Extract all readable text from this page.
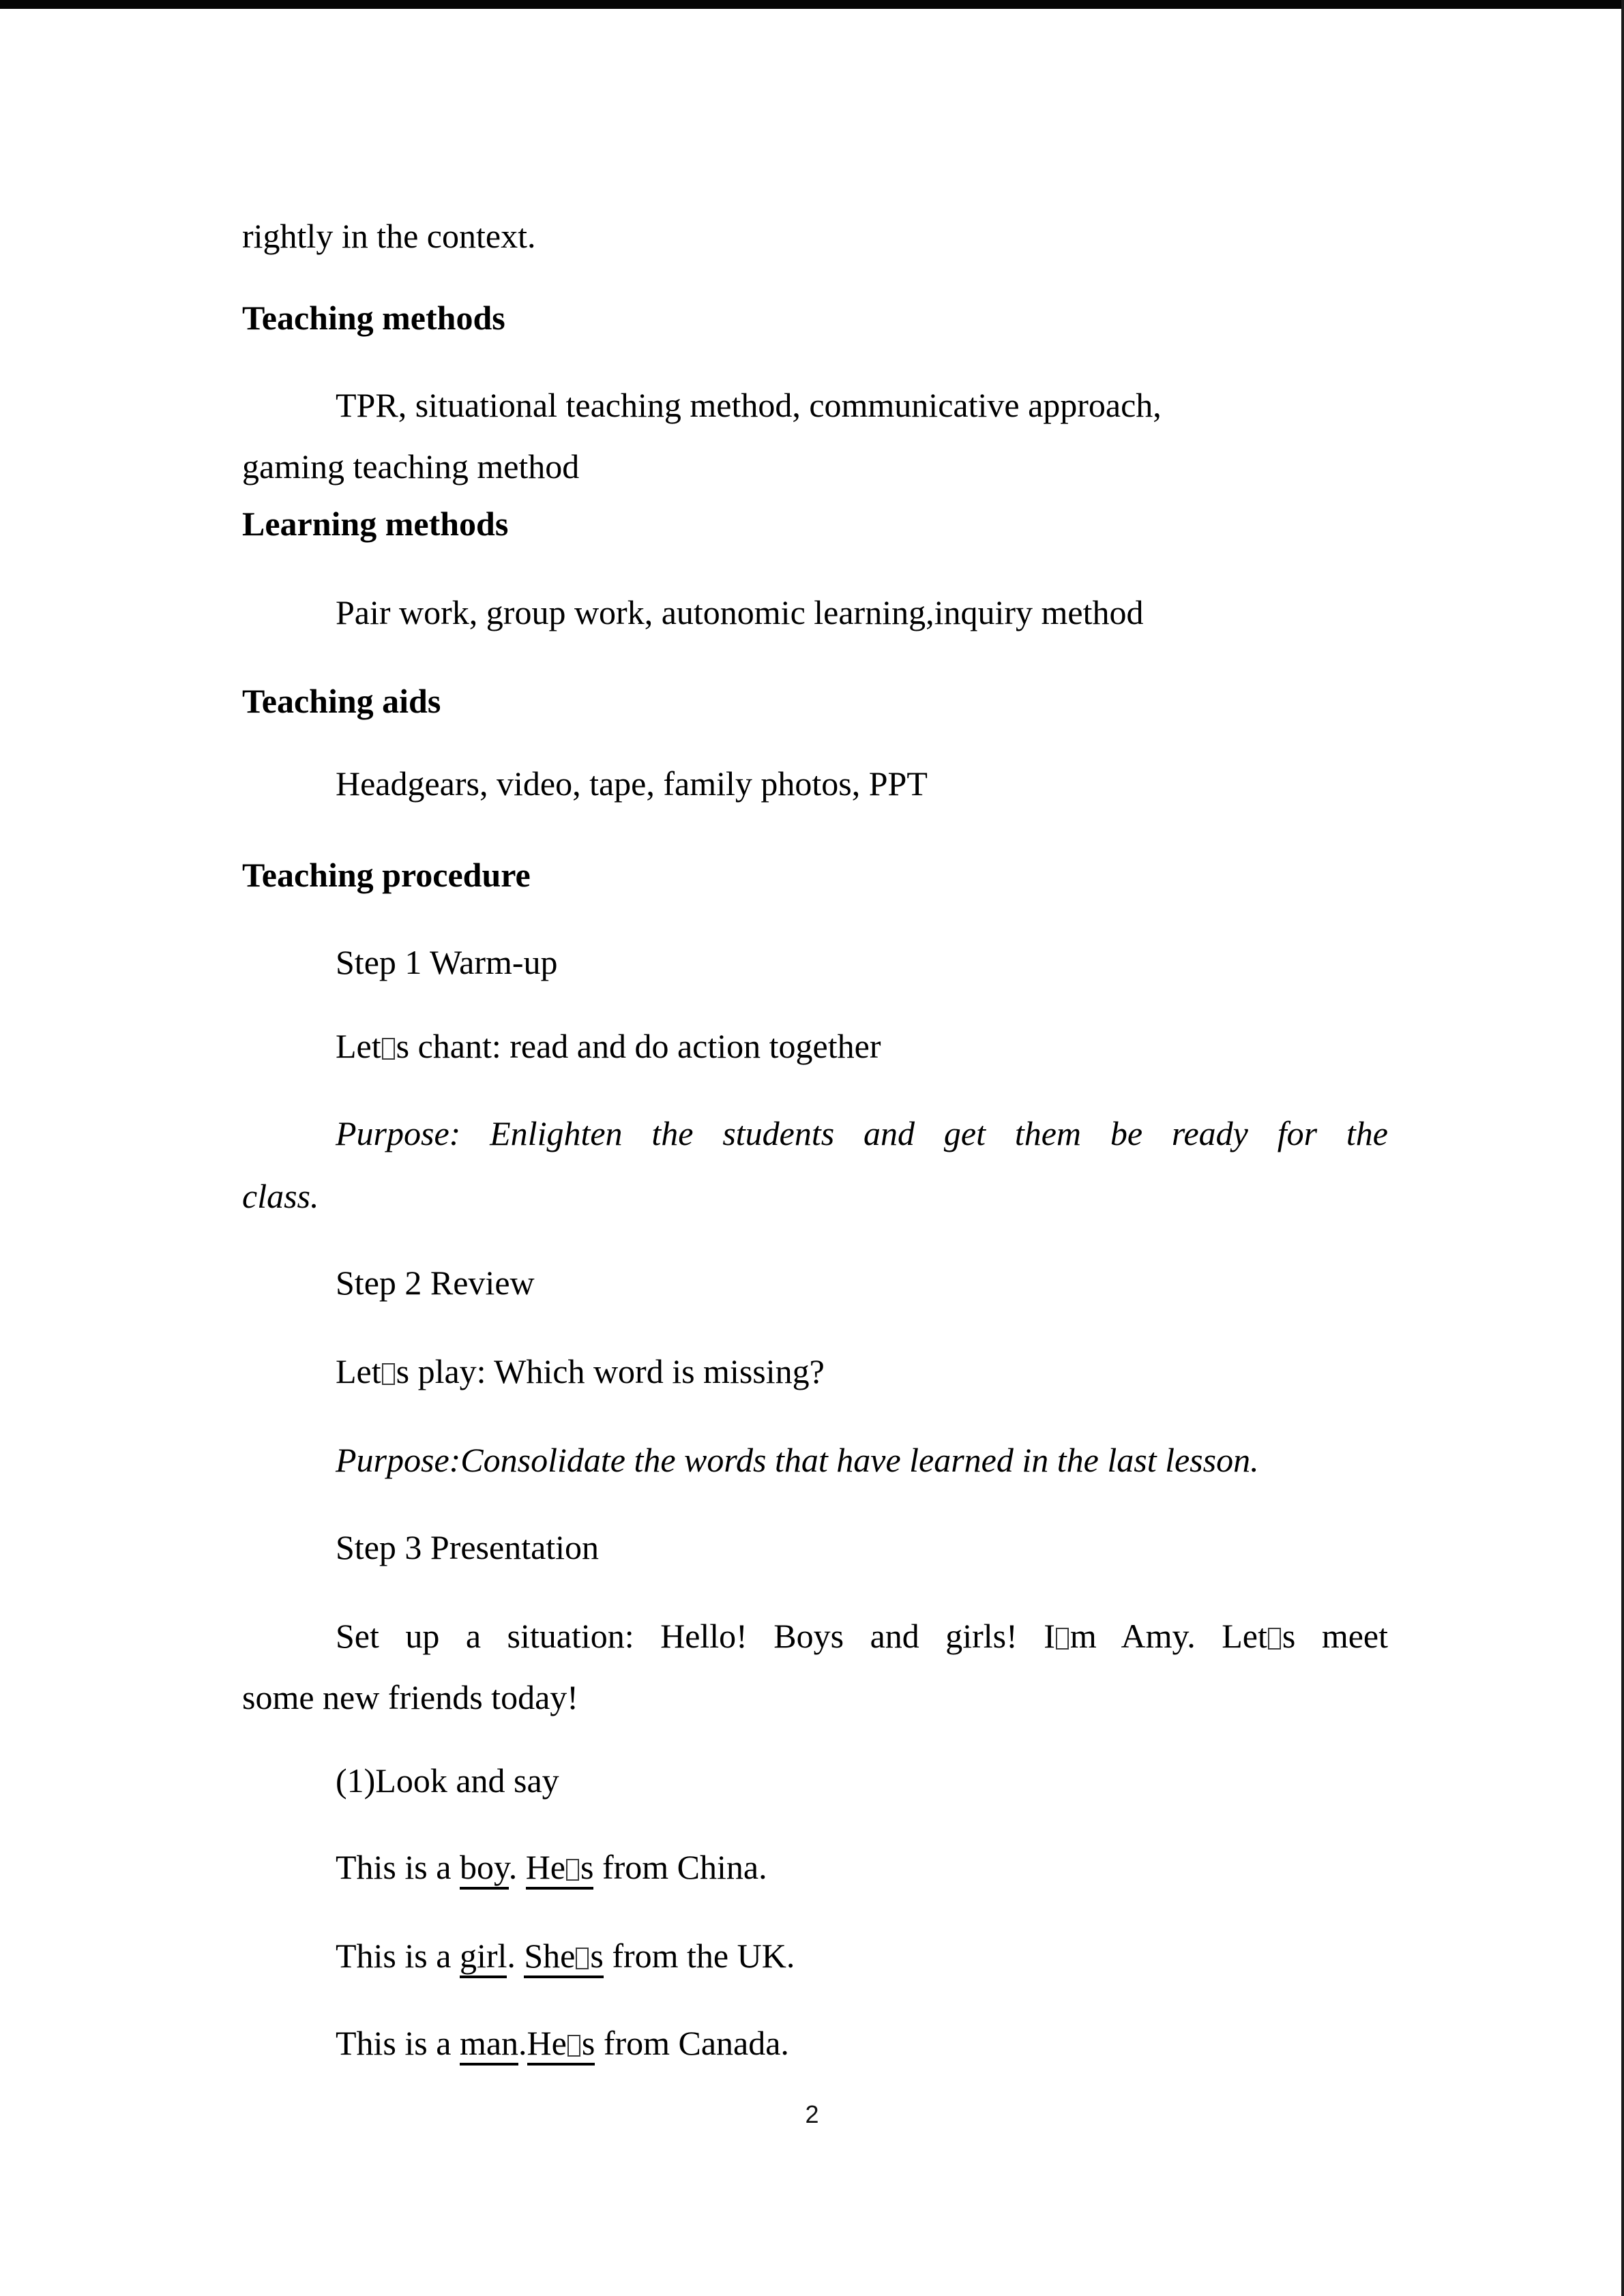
rightly in the context.
Teaching methods
TPR, situational teaching method, communicative approach,
gaming teaching method
Learning methods
Pair work, group work, autonomic learning,inquiry method
Teaching aids
Headgears, video, tape, family photos, PPT
Teaching procedure
Step 1 Warm-up
Let s chant: read and do action together
Purpose: Enlighten the students and get them be ready for the
class.
Step 2 Review
Let s play: Which word is missing?
Purpose:Consolidate the words that have learned in the last lesson.
Step 3 Presentation
Set up a situation: Hello! Boys and girls! I m Amy. Let s meet
some new friends today!
(1)Look and say
This is a boy. He s from China.
This is a girl. She s from the UK.
This is a man.He s from Canada.
2
